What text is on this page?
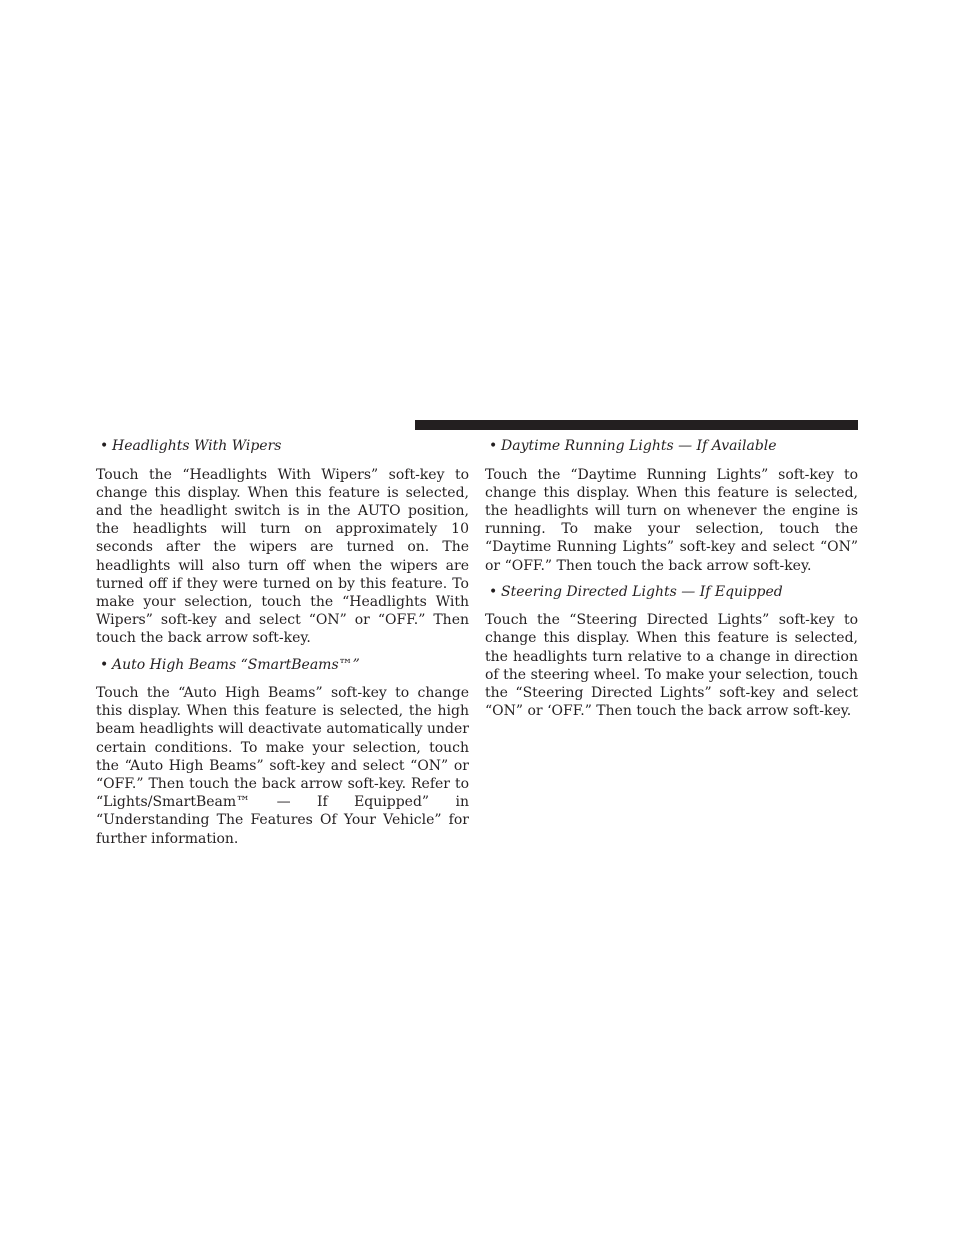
• Headlights With Wipers

Touch the “Headlights With Wipers” soft-key to change this display. When this feature is selected, and the headlight switch is in the AUTO position, the headlights will turn on approximately 10 seconds after the wipers are turned on. The headlights will also turn off when the wipers are turned off if they were turned on by this feature. To make your selection, touch the “Headlights With Wipers” soft-key and select “ON” or “OFF.” Then touch the back arrow soft-key.

• Auto High Beams “SmartBeams™”

Touch the “Auto High Beams” soft-key to change this display. When this feature is selected, the high beam headlights will deactivate automatically under certain conditions. To make your selection, touch the “Auto High Beams” soft-key and select “ON” or “OFF.” Then touch the back arrow soft-key. Refer to “Lights/SmartBeam™ — If Equipped” in “Understanding The Features Of Your Vehicle” for further information.

• Daytime Running Lights — If Available

Touch the “Daytime Running Lights” soft-key to change this display. When this feature is selected, the headlights will turn on whenever the engine is running. To make your selection, touch the “Daytime Running Lights” soft-key and select “ON” or “OFF.” Then touch the back arrow soft-key.

• Steering Directed Lights — If Equipped

Touch the “Steering Directed Lights” soft-key to change this display. When this feature is selected, the headlights turn relative to a change in direction of the steering wheel. To make your selection, touch the “Steering Directed Lights” soft-key and select “ON” or ‘OFF.” Then touch the back arrow soft-key.
